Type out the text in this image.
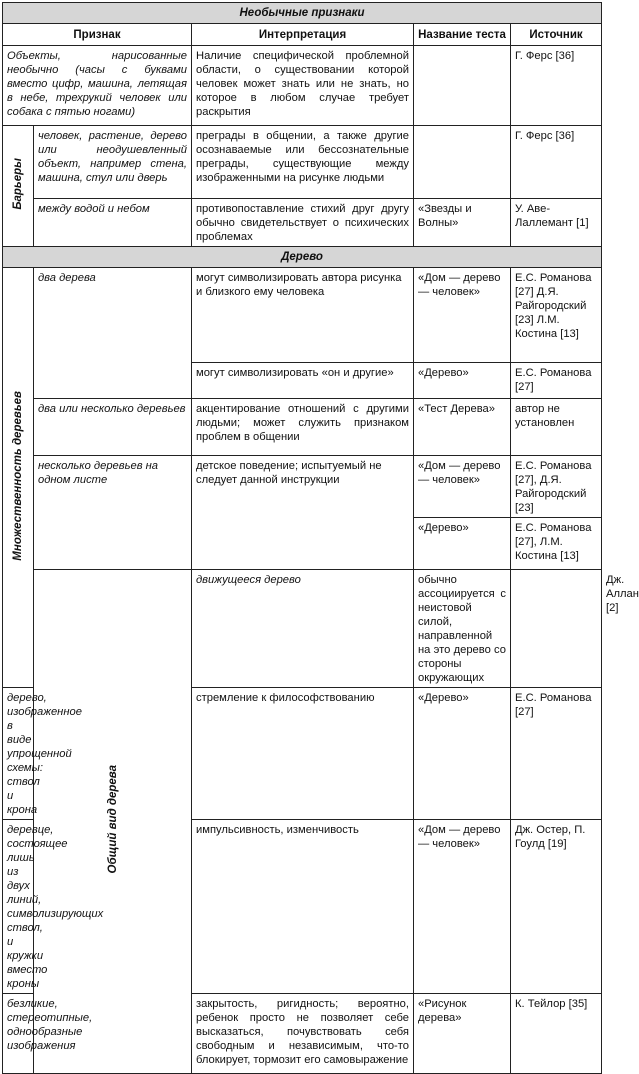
Необычные признаки					
Признак		Интерпретация	Название теста	Источник	
Объекты, нарисованные необычно (часы с буквами вместо цифр, машина, летящая в небе, трехрукий человек или собака с пятью ногами)		Наличие специфической проблемной области, о существовании которой человек может знать или не знать, но которое в любом случае требует раскрытия		Г. Ферс [36]	
Барьеры	человек, растение, дерево или неодушевленный объект, например стена, машина, стул или дверь	преграды в общении, а также другие осознаваемые или бессознательные преграды, существующие между изображенными на рисунке людьми		Г. Ферс [36]	
	между водой и небом	противопоставление стихий друг другу обычно свидетельствует о психических проблемах	«Звезды и Волны»	У. Аве-Лаллемант [1]	
Дерево					
Множественность деревьев	два дерева	могут символизировать автора рисунка и близкого ему человека	«Дом — дерево — человек»	Е.С. Романова [27] Д.Я. Райгородский [23] Л.М. Костина [13]	
		могут символизировать «он и другие»	«Дерево»	Е.С. Романова [27]	
	два или несколько деревьев	акцентирование отношений с другими людьми; может служить признаком проблем в общении	«Тест Дерева»	автор не установлен	
	несколько деревьев на одном листе	детское поведение; испытуемый не следует данной инструкции	«Дом — дерево — человек»	Е.С. Романова [27], Д.Я. Райгородский [23]	
			«Дерево»	Е.С. Романова [27], Л.М. Костина [13]	
	Общий вид дерева	движущееся дерево	обычно ассоциируется с неистовой силой, направленной на это дерево со стороны окружающих		Дж. Аллан [2]
дерево, изображенное в виде упрощенной схемы: ствол и крона		стремление к философствованию	«Дерево»	Е.С. Романова [27]	
деревце, состоящее лишь из двух линий, символизирующих ствол, и кружки вместо кроны		импульсивность, изменчивость	«Дом — дерево — человек»	Дж. Остер, П. Гоулд [19]	
безликие, стереотипные, однообразные изображения		закрытость, ригидность; вероятно, ребенок просто не позволяет себе высказаться, почувствовать себя свободным и независимым, что-то блокирует, тормозит его самовыражение	«Рисунок дерева»	К. Тейлор [35]	
